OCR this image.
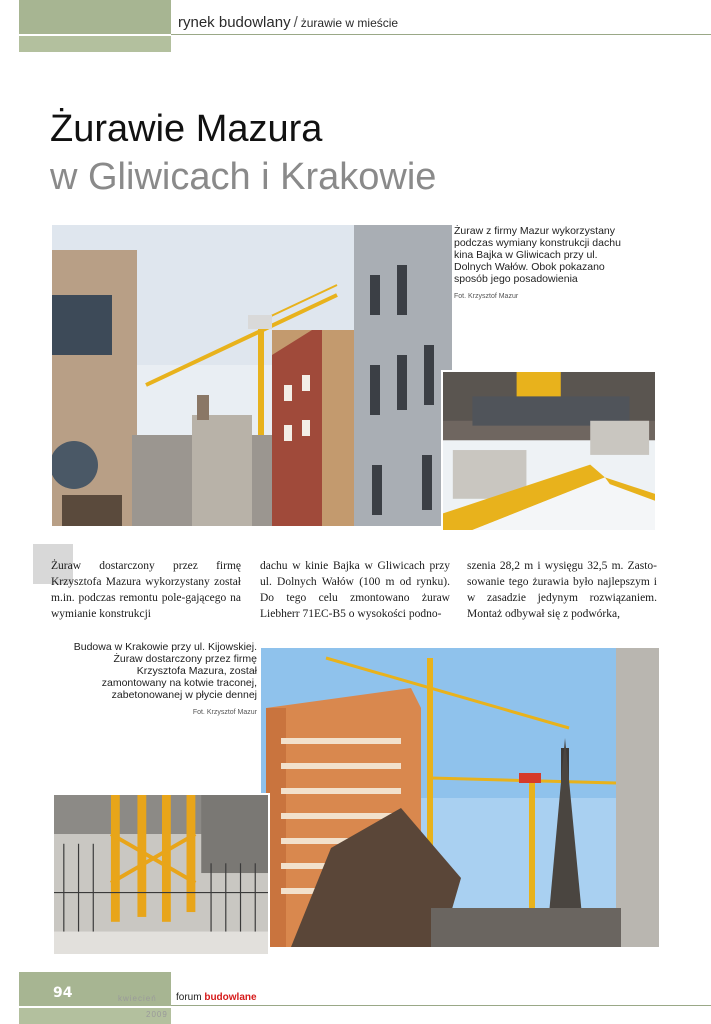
rynek budowlany / żurawie w mieście
Żurawie Mazura
w Gliwicach i Krakowie
Żuraw z firmy Mazur wykorzystany podczas wymiany konstrukcji dachu kina Bajka w Gliwicach przy ul. Dolnych Wałów. Obok pokazano sposób jego posadowienia
Fot. Krzysztof Mazur

Żuraw dostarczony przez firmę Krzysztofa Mazura wykorzystany został m.in. podczas remontu pole-gającego na wymianie konstrukcji

dachu w kinie Bajka w Gliwicach przy ul. Dolnych Wałów (100 m od rynku). Do tego celu zmontowano żuraw Liebherr 71EC-B5 o wysokości podno-

szenia 28,2 m i wysięgu 32,5 m. Zasto-sowanie tego żurawia było najlepszym i w zasadzie jedynym rozwiązaniem. Montaż odbywał się z podwórka,

Budowa w Krakowie przy ul. Kijowskiej. Żuraw dostarczony przez firmę Krzysztofa Mazura, został zamontowany na kotwie traconej, zabetonowanej w płycie dennej
Fot. Krzysztof Mazur
94	kwiecień
2009
forum budowlane
